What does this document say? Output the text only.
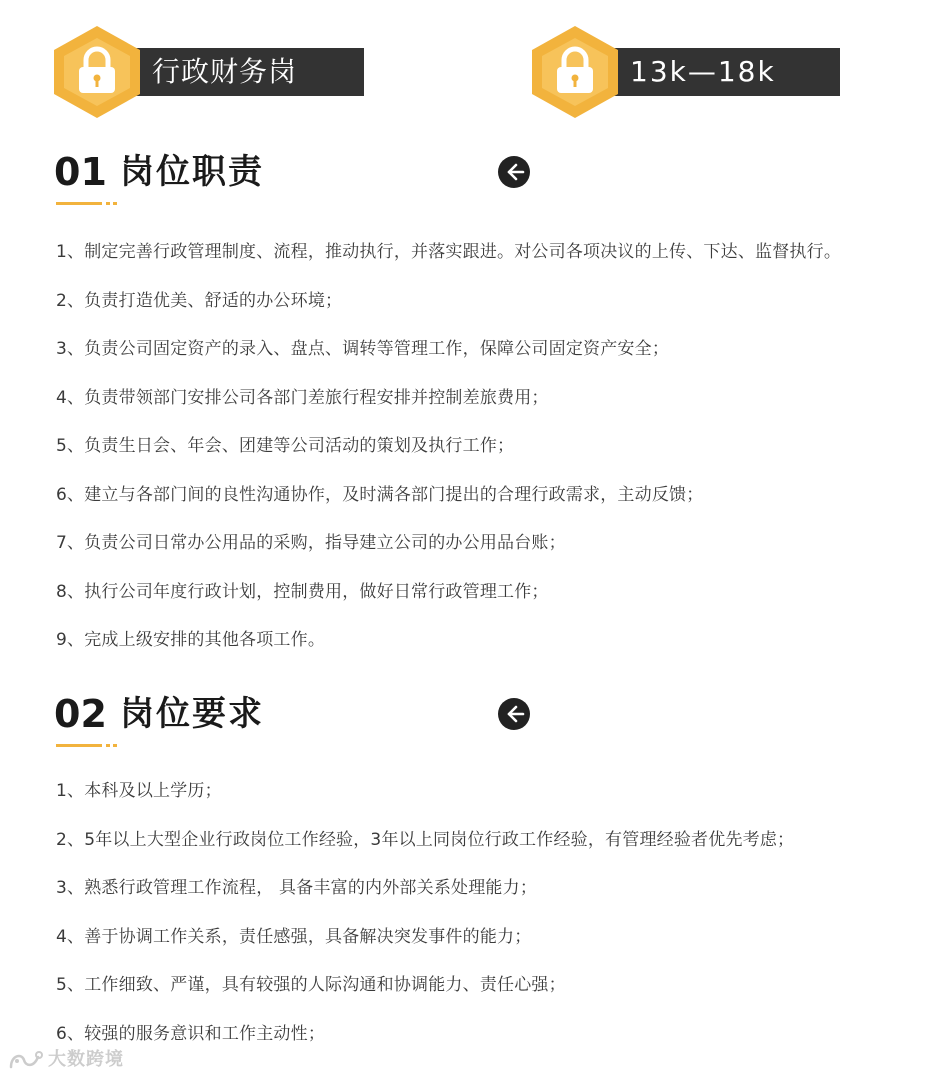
行政财务岗	13k—18k
01 岗位职责
1、制定完善行政管理制度、流程，推动执行，并落实跟进。对公司各项决议的上传、下达、监督执行。
2、负责打造优美、舒适的办公环境；
3、负责公司固定资产的录入、盘点、调转等管理工作，保障公司固定资产安全；
4、负责带领部门安排公司各部门差旅行程安排并控制差旅费用；
5、负责生日会、年会、团建等公司活动的策划及执行工作；
6、建立与各部门间的良性沟通协作，及时满各部门提出的合理行政需求，主动反馈；
7、负责公司日常办公用品的采购，指导建立公司的办公用品台账；
8、执行公司年度行政计划，控制费用，做好日常行政管理工作；
9、完成上级安排的其他各项工作。
02 岗位要求
1、本科及以上学历；
2、5年以上大型企业行政岗位工作经验，3年以上同岗位行政工作经验，有管理经验者优先考虑；
3、熟悉行政管理工作流程， 具备丰富的内外部关系处理能力；
4、善于协调工作关系，责任感强，具备解决突发事件的能力；
5、工作细致、严谨，具有较强的人际沟通和协调能力、责任心强；
6、较强的服务意识和工作主动性；
大数跨境
